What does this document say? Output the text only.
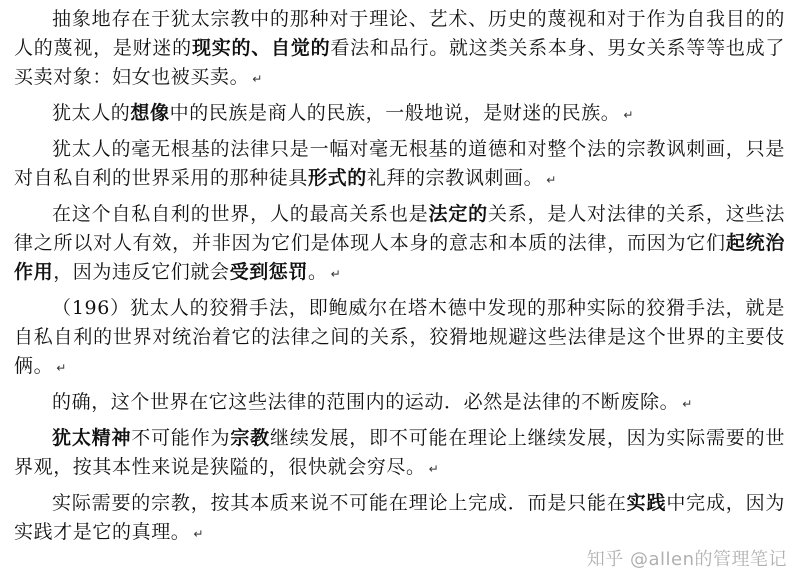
抽象地存在于犹太宗教中的那种对于理论、艺术、历史的蔑视和对于作为自我目的的人的蔑视，是财迷的现实的、自觉的看法和品行。就这类关系本身、男女关系等等也成了买卖对象：妇女也被买卖。 ↵

犹太人的想像中的民族是商人的民族，一般地说，是财迷的民族。 ↵

犹太人的毫无根基的法律只是一幅对毫无根基的道德和对整个法的宗教讽刺画，只是对自私自利的世界采用的那种徒具形式的礼拜的宗教讽刺画。 ↵

在这个自私自利的世界，人的最高关系也是法定的关系，是人对法律的关系，这些法律之所以对人有效，并非因为它们是体现人本身的意志和本质的法律，而因为它们起统治作用，因为违反它们就会受到惩罚。 ↵

（196）犹太人的狡猾手法，即鲍威尔在塔木德中发现的那种实际的狡猾手法，就是自私自利的世界对统治着它的法律之间的关系，狡猾地规避这些法律是这个世界的主要伎俩。 ↵

的确，这个世界在它这些法律的范围内的运动．必然是法律的不断废除。 ↵

犹太精神不可能作为宗教继续发展，即不可能在理论上继续发展，因为实际需要的世界观，按其本性来说是狭隘的，很快就会穷尽。 ↵

实际需要的宗教，按其本质来说不可能在理论上完成．而是只能在实践中完成，因为实践才是它的真理。 ↵

知乎 @allen的管理笔记
